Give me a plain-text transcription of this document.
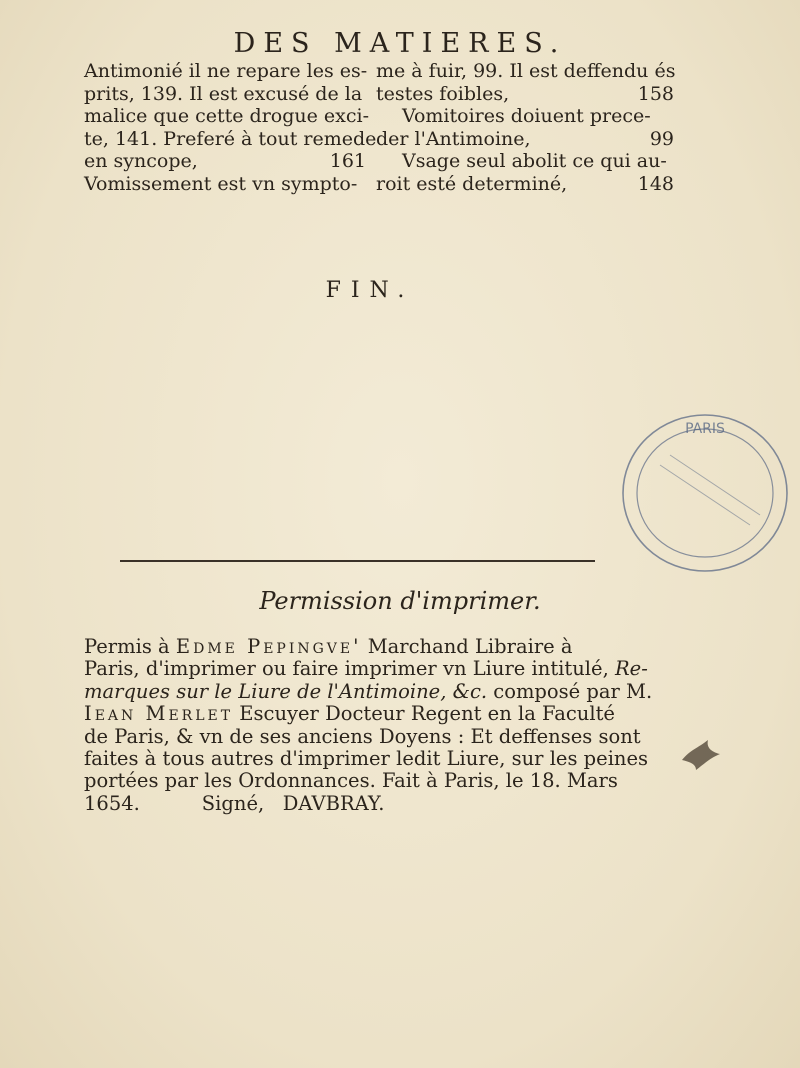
DES MATIERES.
Antimonié il ne repare les es-
prits, 139. Il est excusé de la
malice que cette drogue exci-
te, 141. Preferé à tout remede
en syncope,	161
Vomissement est vn sympto-
me à fuir, 99. Il est deffendu és
testes foibles,	158
Vomitoires doiuent prece-
der l'Antimoine,	99
Vsage seul abolit ce qui au-
roit esté determiné,	148
FIN.
PARIS
Permission d'imprimer.
Permis à Edme Pepingve' Marchand Libraire à
Paris, d'imprimer ou faire imprimer vn Liure intitulé, Re-
marques sur le Liure de l'Antimoine, &c. composé par M.
Iean Merlet Escuyer Docteur Regent en la Faculté
de Paris, & vn de ses anciens Doyens : Et deffenses sont
faites à tous autres d'imprimer ledit Liure, sur les peines
portées par les Ordonnances. Fait à Paris, le 18. Mars
1654.          Signé,   DAVBRAY.
